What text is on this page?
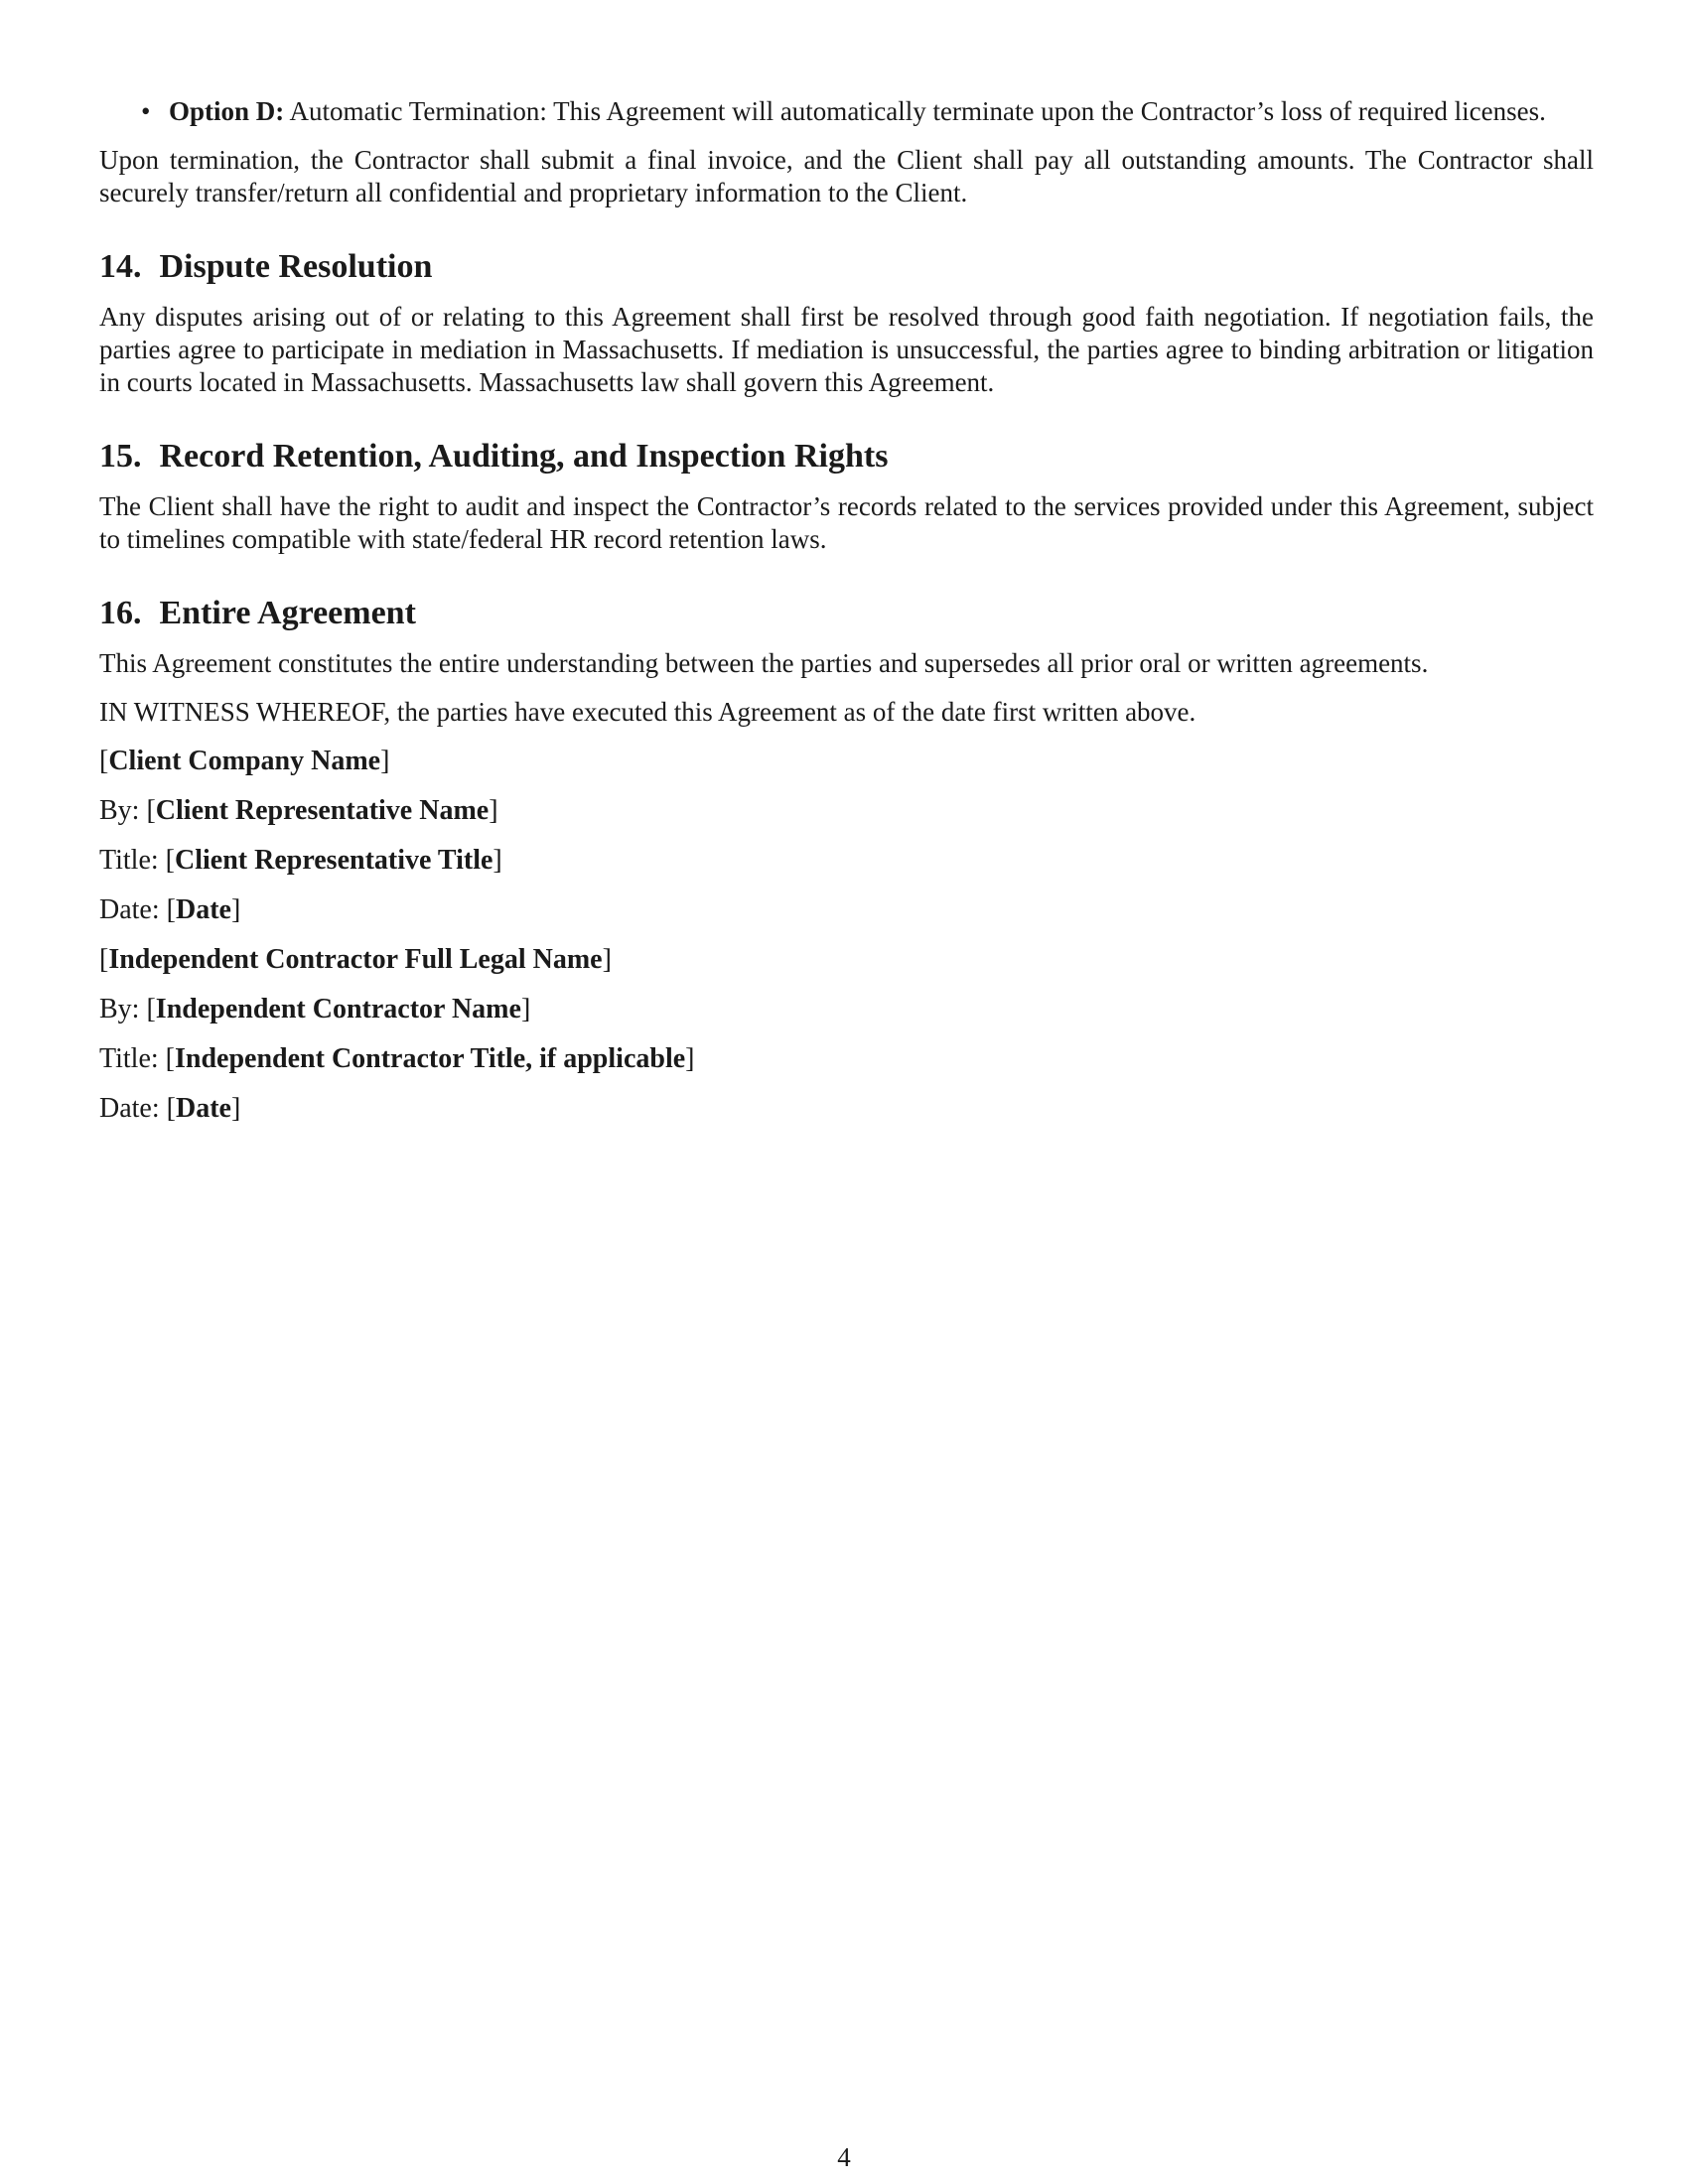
• Option D: Automatic Termination: This Agreement will automatically terminate upon the Contractor’s loss of required licenses.

Upon termination, the Contractor shall submit a final invoice, and the Client shall pay all outstanding amounts. The Contractor shall securely transfer/return all confidential and proprietary information to the Client.

14. Dispute Resolution

Any disputes arising out of or relating to this Agreement shall first be resolved through good faith negotiation. If negotiation fails, the parties agree to participate in mediation in Massachusetts. If mediation is unsuccessful, the parties agree to binding arbitration or litigation in courts located in Massachusetts. Massachusetts law shall govern this Agreement.

15. Record Retention, Auditing, and Inspection Rights

The Client shall have the right to audit and inspect the Contractor’s records related to the services provided under this Agreement, subject to timelines compatible with state/federal HR record retention laws.

16. Entire Agreement

This Agreement constitutes the entire understanding between the parties and supersedes all prior oral or written agreements.

IN WITNESS WHEREOF, the parties have executed this Agreement as of the date first written above.

[Client Company Name]

By: [Client Representative Name]

Title: [Client Representative Title]

Date: [Date]

[Independent Contractor Full Legal Name]

By: [Independent Contractor Name]

Title: [Independent Contractor Title, if applicable]

Date: [Date]

4
